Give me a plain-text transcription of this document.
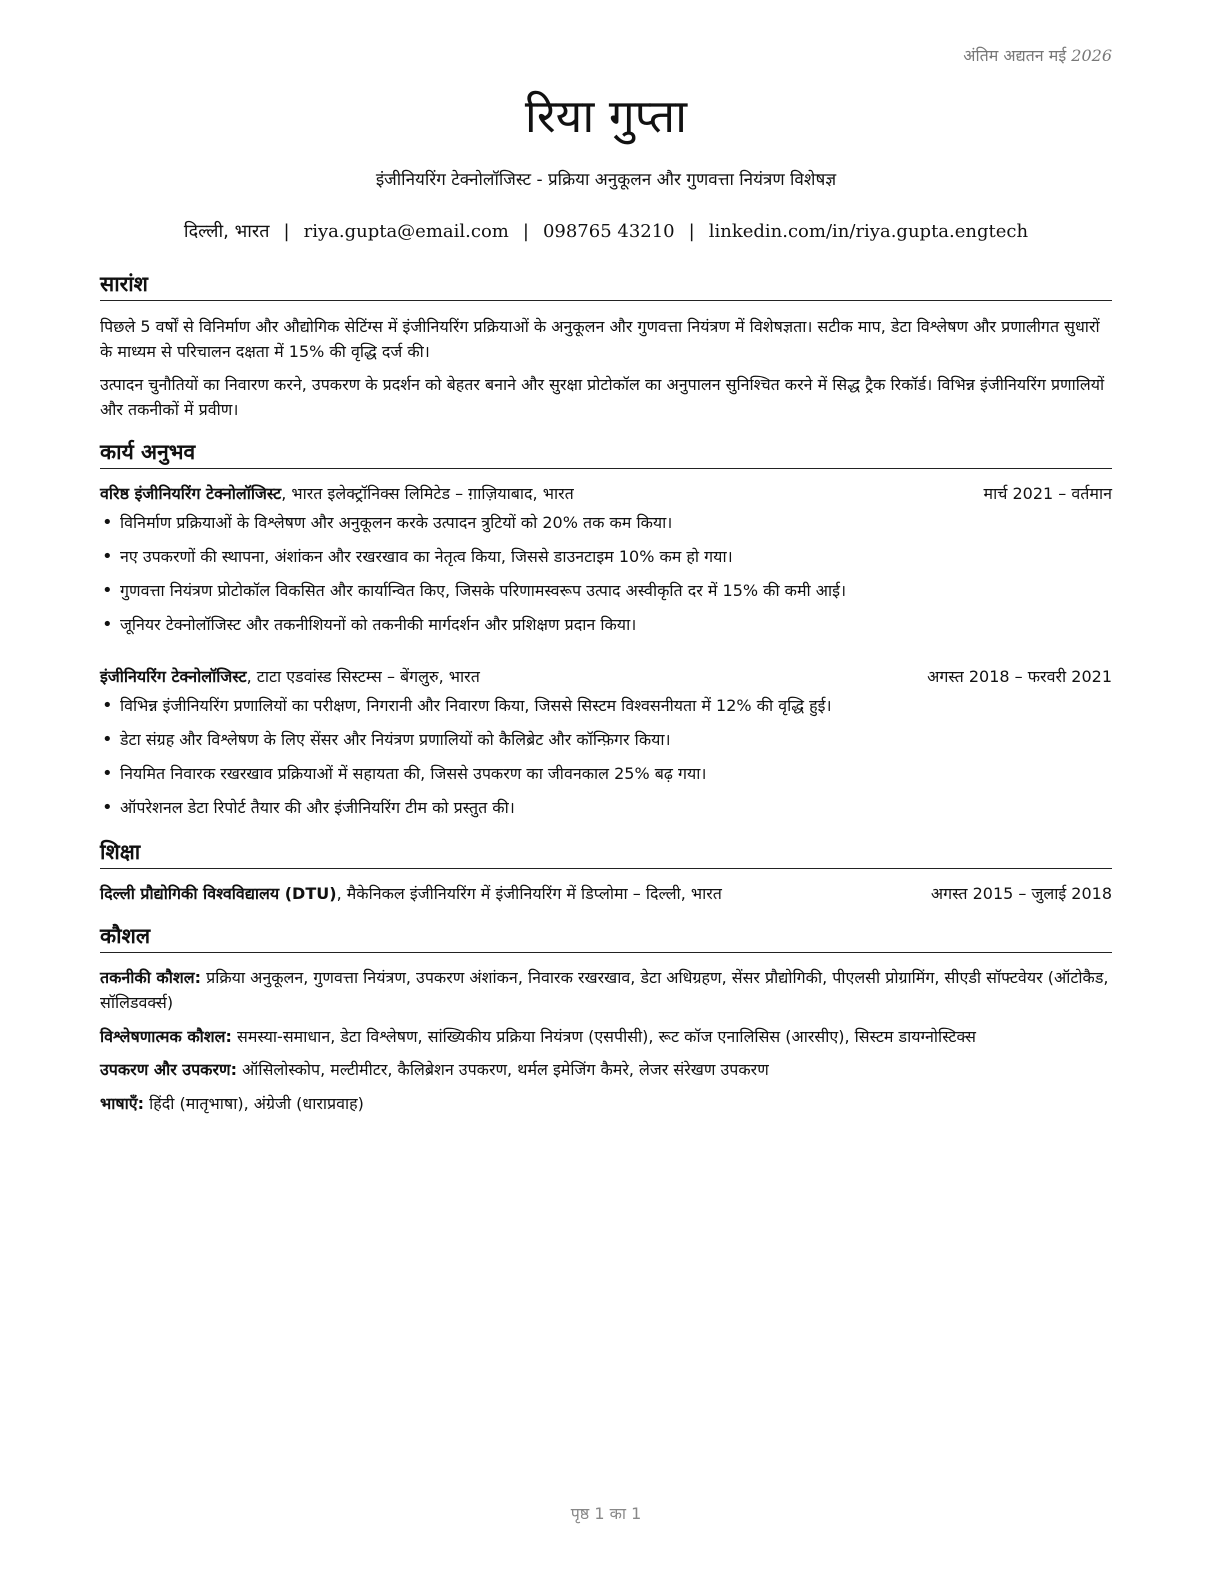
अंतिम अद्यतन मई 2026
रिया गुप्ता
इंजीनियरिंग टेक्नोलॉजिस्ट - प्रक्रिया अनुकूलन और गुणवत्ता नियंत्रण विशेषज्ञ
दिल्ली, भारत | riya.gupta@email.com | 098765 43210 | linkedin.com/in/riya.gupta.engtech
सारांश

पिछले 5 वर्षों से विनिर्माण और औद्योगिक सेटिंग्स में इंजीनियरिंग प्रक्रियाओं के अनुकूलन और गुणवत्ता नियंत्रण में विशेषज्ञता। सटीक माप, डेटा विश्लेषण और प्रणालीगत सुधारों के माध्यम से परिचालन दक्षता में 15% की वृद्धि दर्ज की।

उत्पादन चुनौतियों का निवारण करने, उपकरण के प्रदर्शन को बेहतर बनाने और सुरक्षा प्रोटोकॉल का अनुपालन सुनिश्चित करने में सिद्ध ट्रैक रिकॉर्ड। विभिन्न इंजीनियरिंग प्रणालियों और तकनीकों में प्रवीण।

कार्य अनुभव
वरिष्ठ इंजीनियरिंग टेक्नोलॉजिस्ट, भारत इलेक्ट्रॉनिक्स लिमिटेड – ग़ाज़ियाबाद, भारत	मार्च 2021 – वर्तमान
• विनिर्माण प्रक्रियाओं के विश्लेषण और अनुकूलन करके उत्पादन त्रुटियों को 20% तक कम किया।
• नए उपकरणों की स्थापना, अंशांकन और रखरखाव का नेतृत्व किया, जिससे डाउनटाइम 10% कम हो गया।
• गुणवत्ता नियंत्रण प्रोटोकॉल विकसित और कार्यान्वित किए, जिसके परिणामस्वरूप उत्पाद अस्वीकृति दर में 15% की कमी आई।
• जूनियर टेक्नोलॉजिस्ट और तकनीशियनों को तकनीकी मार्गदर्शन और प्रशिक्षण प्रदान किया।
इंजीनियरिंग टेक्नोलॉजिस्ट, टाटा एडवांस्ड सिस्टम्स – बेंगलुरु, भारत	अगस्त 2018 – फरवरी 2021
• विभिन्न इंजीनियरिंग प्रणालियों का परीक्षण, निगरानी और निवारण किया, जिससे सिस्टम विश्वसनीयता में 12% की वृद्धि हुई।
• डेटा संग्रह और विश्लेषण के लिए सेंसर और नियंत्रण प्रणालियों को कैलिब्रेट और कॉन्फ़िगर किया।
• नियमित निवारक रखरखाव प्रक्रियाओं में सहायता की, जिससे उपकरण का जीवनकाल 25% बढ़ गया।
• ऑपरेशनल डेटा रिपोर्ट तैयार की और इंजीनियरिंग टीम को प्रस्तुत की।
शिक्षा
दिल्ली प्रौद्योगिकी विश्वविद्यालय (DTU), मैकेनिकल इंजीनियरिंग में इंजीनियरिंग में डिप्लोमा – दिल्ली, भारत	अगस्त 2015 – जुलाई 2018
कौशल
तकनीकी कौशल: प्रक्रिया अनुकूलन, गुणवत्ता नियंत्रण, उपकरण अंशांकन, निवारक रखरखाव, डेटा अधिग्रहण, सेंसर प्रौद्योगिकी, पीएलसी प्रोग्रामिंग, सीएडी सॉफ्टवेयर (ऑटोकैड, सॉलिडवर्क्स)
विश्लेषणात्मक कौशल: समस्या-समाधान, डेटा विश्लेषण, सांख्यिकीय प्रक्रिया नियंत्रण (एसपीसी), रूट कॉज एनालिसिस (आरसीए), सिस्टम डायग्नोस्टिक्स
उपकरण और उपकरण: ऑसिलोस्कोप, मल्टीमीटर, कैलिब्रेशन उपकरण, थर्मल इमेजिंग कैमरे, लेजर संरेखण उपकरण
भाषाएँ: हिंदी (मातृभाषा), अंग्रेजी (धाराप्रवाह)
पृष्ठ 1 का 1
